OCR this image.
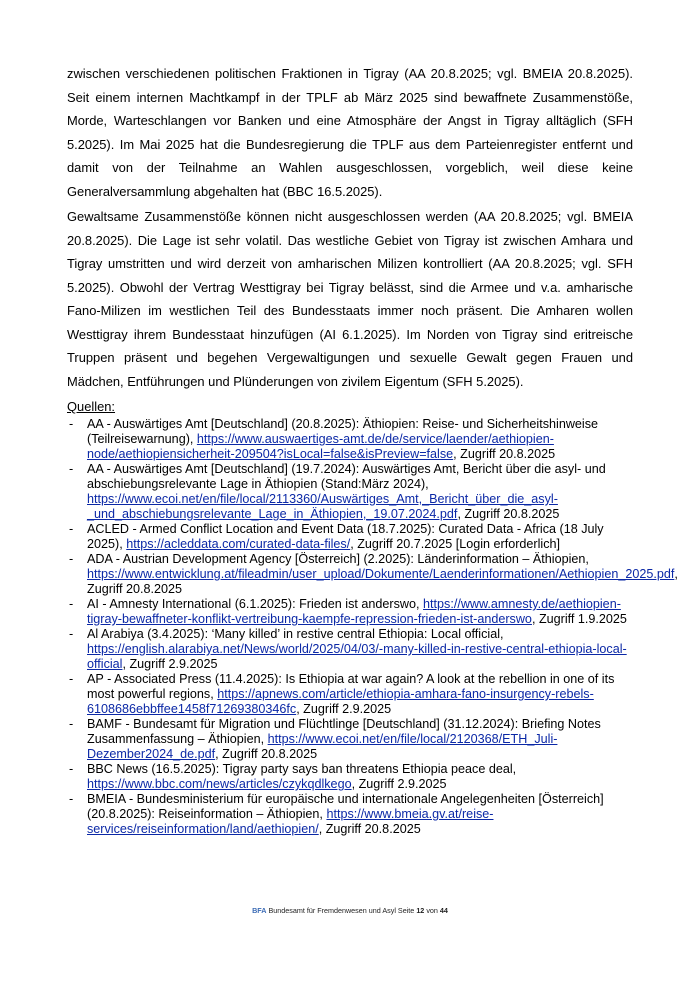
zwischen verschiedenen politischen Fraktionen in Tigray (AA 20.8.2025; vgl. BMEIA 20.8.2025). Seit einem internen Machtkampf in der TPLF ab März 2025 sind bewaffnete Zusammenstöße, Morde, Warteschlangen vor Banken und eine Atmosphäre der Angst in Tigray alltäglich (SFH 5.2025). Im Mai 2025 hat die Bundesregierung die TPLF aus dem Parteienregister entfernt und damit von der Teilnahme an Wahlen ausgeschlossen, vorgeblich, weil diese keine Generalversammlung abgehalten hat (BBC 16.5.2025).

Gewaltsame Zusammenstöße können nicht ausgeschlossen werden (AA 20.8.2025; vgl. BMEIA 20.8.2025). Die Lage ist sehr volatil. Das westliche Gebiet von Tigray ist zwischen Amhara und Tigray umstritten und wird derzeit von amharischen Milizen kontrolliert (AA 20.8.2025; vgl. SFH 5.2025). Obwohl der Vertrag Westtigray bei Tigray belässt, sind die Armee und v.a. amharische Fano-Milizen im westlichen Teil des Bundesstaats immer noch präsent. Die Amharen wollen Westtigray ihrem Bundesstaat hinzufügen (AI 6.1.2025). Im Norden von Tigray sind eritreische Truppen präsent und begehen Vergewaltigungen und sexuelle Gewalt gegen Frauen und Mädchen, Entführungen und Plünderungen von zivilem Eigentum (SFH 5.2025).

Quellen:

- AA - Auswärtiges Amt [Deutschland] (20.8.2025): Äthiopien: Reise- und Sicherheitshinweise (Teilreisewarnung), https://www.auswaertiges-amt.de/de/service/laender/aethiopien-node/aethiopiensicherheit-209504?isLocal=false&isPreview=false, Zugriff 20.8.2025
- AA - Auswärtiges Amt [Deutschland] (19.7.2024): Auswärtiges Amt, Bericht über die asyl- und abschiebungsrelevante Lage in Äthiopien (Stand:März 2024), https://www.ecoi.net/en/file/local/2113360/Auswärtiges_Amt,_Bericht_über_die_asyl-_und_abschiebungsrelevante_Lage_in_Äthiopien,_19.07.2024.pdf, Zugriff 20.8.2025
- ACLED - Armed Conflict Location and Event Data (18.7.2025): Curated Data - Africa (18 July 2025), https://acleddata.com/curated-data-files/, Zugriff 20.7.2025 [Login erforderlich]
- ADA - Austrian Development Agency [Österreich] (2.2025): Länderinformation – Äthiopien, https://www.entwicklung.at/fileadmin/user_upload/Dokumente/Laenderinformationen/Aethiopien_2025.pdf, Zugriff 20.8.2025
- AI - Amnesty International (6.1.2025): Frieden ist anderswo, https://www.amnesty.de/aethiopien-tigray-bewaffneter-konflikt-vertreibung-kaempfe-repression-frieden-ist-anderswo, Zugriff 1.9.2025
- Al Arabiya (3.4.2025): ‘Many killed’ in restive central Ethiopia: Local official, https://english.alarabiya.net/News/world/2025/04/03/-many-killed-in-restive-central-ethiopia-local-official, Zugriff 2.9.2025
- AP - Associated Press (11.4.2025): Is Ethiopia at war again? A look at the rebellion in one of its most powerful regions, https://apnews.com/article/ethiopia-amhara-fano-insurgency-rebels-6108686ebbffee1458f71269380346fc, Zugriff 2.9.2025
- BAMF - Bundesamt für Migration und Flüchtlinge [Deutschland] (31.12.2024): Briefing Notes Zusammenfassung – Äthiopien, https://www.ecoi.net/en/file/local/2120368/ETH_Juli-Dezember2024_de.pdf, Zugriff 20.8.2025
- BBC News (16.5.2025): Tigray party says ban threatens Ethiopia peace deal, https://www.bbc.com/news/articles/czykqdlkego, Zugriff 2.9.2025
- BMEIA - Bundesministerium für europäische und internationale Angelegenheiten [Österreich] (20.8.2025): Reiseinformation – Äthiopien, https://www.bmeia.gv.at/reise-services/reiseinformation/land/aethiopien/, Zugriff 20.8.2025
BFA Bundesamt für Fremdenwesen und Asyl Seite 12 von 44
